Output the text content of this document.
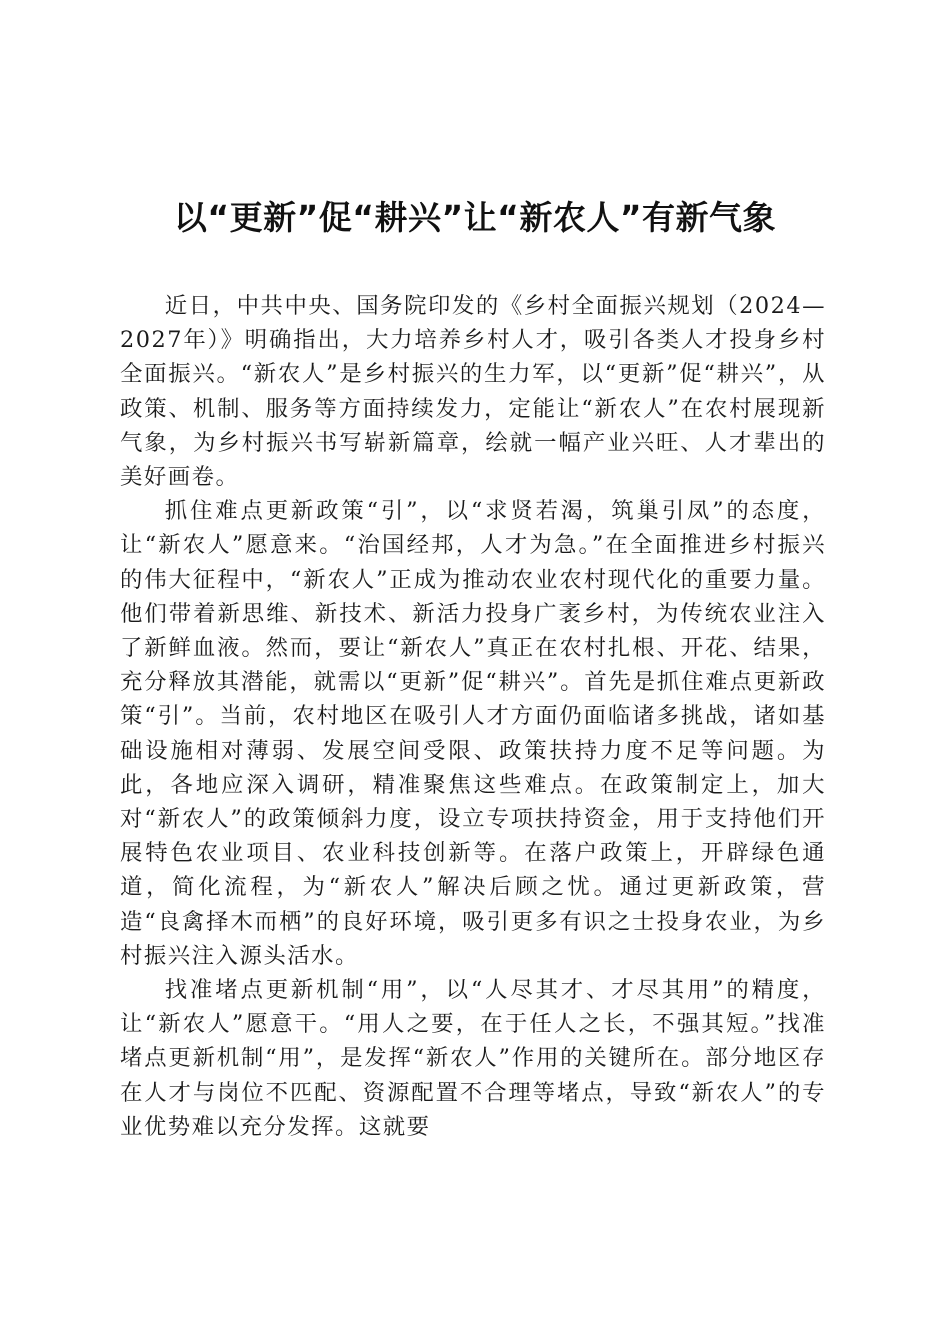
以“更新”促“耕兴”让“新农人”有新气象

近日，中共中央、国务院印发的《乡村全面振兴规划（2024—2027年）》明确指出，大力培养乡村人才，吸引各类人才投身乡村全面振兴。“新农人”是乡村振兴的生力军，以“更新”促“耕兴”，从政策、机制、服务等方面持续发力，定能让“新农人”在农村展现新气象，为乡村振兴书写崭新篇章，绘就一幅产业兴旺、人才辈出的美好画卷。

抓住难点更新政策“引”，以“求贤若渴，筑巢引凤”的态度，让“新农人”愿意来。“治国经邦，人才为急。”在全面推进乡村振兴的伟大征程中，“新农人”正成为推动农业农村现代化的重要力量。他们带着新思维、新技术、新活力投身广袤乡村，为传统农业注入了新鲜血液。然而，要让“新农人”真正在农村扎根、开花、结果，充分释放其潜能，就需以“更新”促“耕兴”。首先是抓住难点更新政策“引”。当前，农村地区在吸引人才方面仍面临诸多挑战，诸如基础设施相对薄弱、发展空间受限、政策扶持力度不足等问题。为此，各地应深入调研，精准聚焦这些难点。在政策制定上，加大对“新农人”的政策倾斜力度，设立专项扶持资金，用于支持他们开展特色农业项目、农业科技创新等。在落户政策上，开辟绿色通道，简化流程，为“新农人”解决后顾之忧。通过更新政策，营造“良禽择木而栖”的良好环境，吸引更多有识之士投身农业，为乡村振兴注入源头活水。

找准堵点更新机制“用”，以“人尽其才、才尽其用”的精度，让“新农人”愿意干。“用人之要，在于任人之长，不强其短。”找准堵点更新机制“用”，是发挥“新农人”作用的关键所在。部分地区存在人才与岗位不匹配、资源配置不合理等堵点，导致“新农人”的专业优势难以充分发挥。这就要
